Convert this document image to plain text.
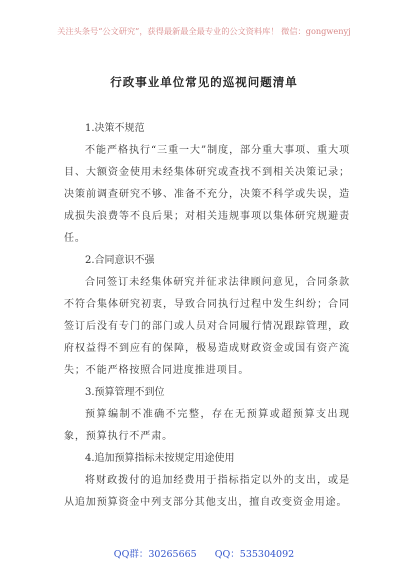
关注头条号“公文研究”，获得最新最全最专业的公文资料库！ 微信：gongwenyj
行政事业单位常见的巡视问题清单

1.决策不规范

不能严格执行“三重一大”制度，部分重大事项、重大项目、大额资金使用未经集体研究或查找不到相关决策记录；决策前调查研究不够、准备不充分，决策不科学或失误，造成损失浪费等不良后果；对相关违规事项以集体研究规避责任。

2.合同意识不强

合同签订未经集体研究并征求法律顾问意见，合同条款不符合集体研究初衷，导致合同执行过程中发生纠纷；合同签订后没有专门的部门或人员对合同履行情况跟踪管理，政府权益得不到应有的保障，极易造成财政资金或国有资产流失；不能严格按照合同进度推进项目。

3.预算管理不到位

预算编制不准确不完整，存在无预算或超预算支出现象，预算执行不严肃。

4.追加预算指标未按规定用途使用

将财政拨付的追加经费用于指标指定以外的支出，或是从追加预算资金中列支部分其他支出，擅自改变资金用途。

QQ群：30265665 QQ：535304092
